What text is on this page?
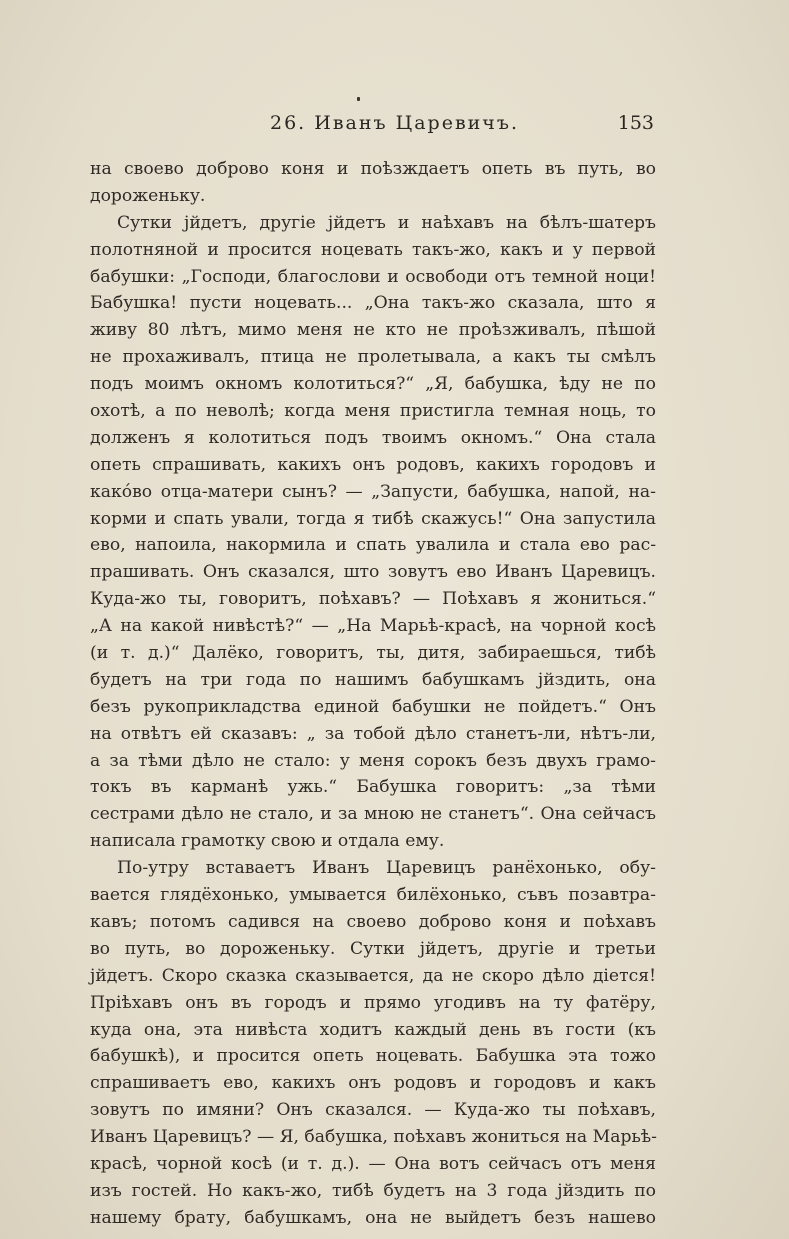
26. Иванъ Царевичъ.	153
на своево доброво коня и поѣзждаетъ опеть въ путь, во
дороженьку.
Сутки јйдетъ, другіе јйдетъ и наѣхавъ на бѣлъ-шатеръ
полотняной и просится ноцевать такъ-жо, какъ и у первой
бабушки: „Господи, благослови и освободи отъ темной ноци!
Бабушка! пусти ноцевать... „Она такъ-жо сказала, што я
живу 80 лѣтъ, мимо меня не кто не проѣзживалъ, пѣшой
не прохаживалъ, птица не пролетывала, а какъ ты смѣлъ
подъ моимъ окномъ колотиться?“ „Я, бабушка, ѣду не по
охотѣ, а по неволѣ; когда меня пристигла темная ноць, то
долженъ я колотиться подъ твоимъ окномъ.“ Она стала
опеть спрашивать, какихъ онъ родовъ, какихъ городовъ и
какόво отца-матери сынъ? — „Запусти, бабушка, напой, на-
корми и спать ували, тогда я тибѣ скажусь!“ Она запустила
ево, напоила, накормила и спать увалила и стала ево рас-
прашивать. Онъ сказался, што зовутъ ево Иванъ Царевицъ.
Куда-жо ты, говоритъ, поѣхавъ? — Поѣхавъ я жониться.“
„А на какой нивѣстѣ?“ — „На Марьѣ-красѣ, на чорной косѣ
(и т. д.)“ Далёко, говоритъ, ты, дитя, забираешься, тибѣ
будетъ на три года по нашимъ бабушкамъ јйздить, она
безъ рукоприкладства единой бабушки не пойдетъ.“ Онъ
на отвѣтъ ей сказавъ: „ за тобой дѣло станетъ-ли, нѣтъ-ли,
а за тѣми дѣло не стало: у меня сорокъ безъ двухъ грамо-
токъ въ карманѣ ужь.“ Бабушка говоритъ: „за тѣми
сестрами дѣло не стало, и за мною не станетъ“. Она сейчасъ
написала грамотку свою и отдала ему.
По-утру вставаетъ Иванъ Царевицъ ранёхонько, обу-
вается глядёхонько, умывается билёхонько, съвъ позавтра-
кавъ; потомъ садився на своево доброво коня и поѣхавъ
во путь, во дороженьку. Сутки јйдетъ, другіе и третьи
јйдетъ. Скоро сказка сказывается, да не скоро дѣло діется!
Пріѣхавъ онъ въ городъ и прямо угодивъ на ту фатёру,
куда она, эта нивѣста ходитъ каждый день въ гости (къ
бабушкѣ), и просится опеть ноцевать. Бабушка эта тожо
спрашиваетъ ево, какихъ онъ родовъ и городовъ и какъ
зовутъ по имяни? Онъ сказался. — Куда-жо ты поѣхавъ,
Иванъ Царевицъ? — Я, бабушка, поѣхавъ жониться на Марьѣ-
красѣ, чорной косѣ (и т. д.). — Она вотъ сейчасъ отъ меня
изъ гостей. Но какъ-жо, тибѣ будетъ на 3 года јйздить по
нашему брату, бабушкамъ, она не выйдетъ безъ нашево
